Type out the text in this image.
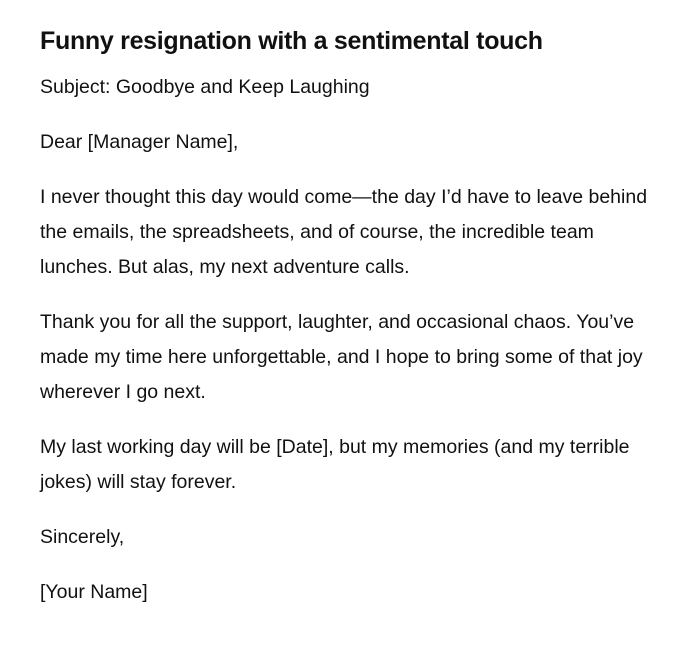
Funny resignation with a sentimental touch

Subject: Goodbye and Keep Laughing

Dear [Manager Name],

I never thought this day would come—the day I’d have to leave behind the emails, the spreadsheets, and of course, the incredible team lunches. But alas, my next adventure calls.

Thank you for all the support, laughter, and occasional chaos. You’ve made my time here unforgettable, and I hope to bring some of that joy wherever I go next.

My last working day will be [Date], but my memories (and my terrible jokes) will stay forever.

Sincerely,

[Your Name]
